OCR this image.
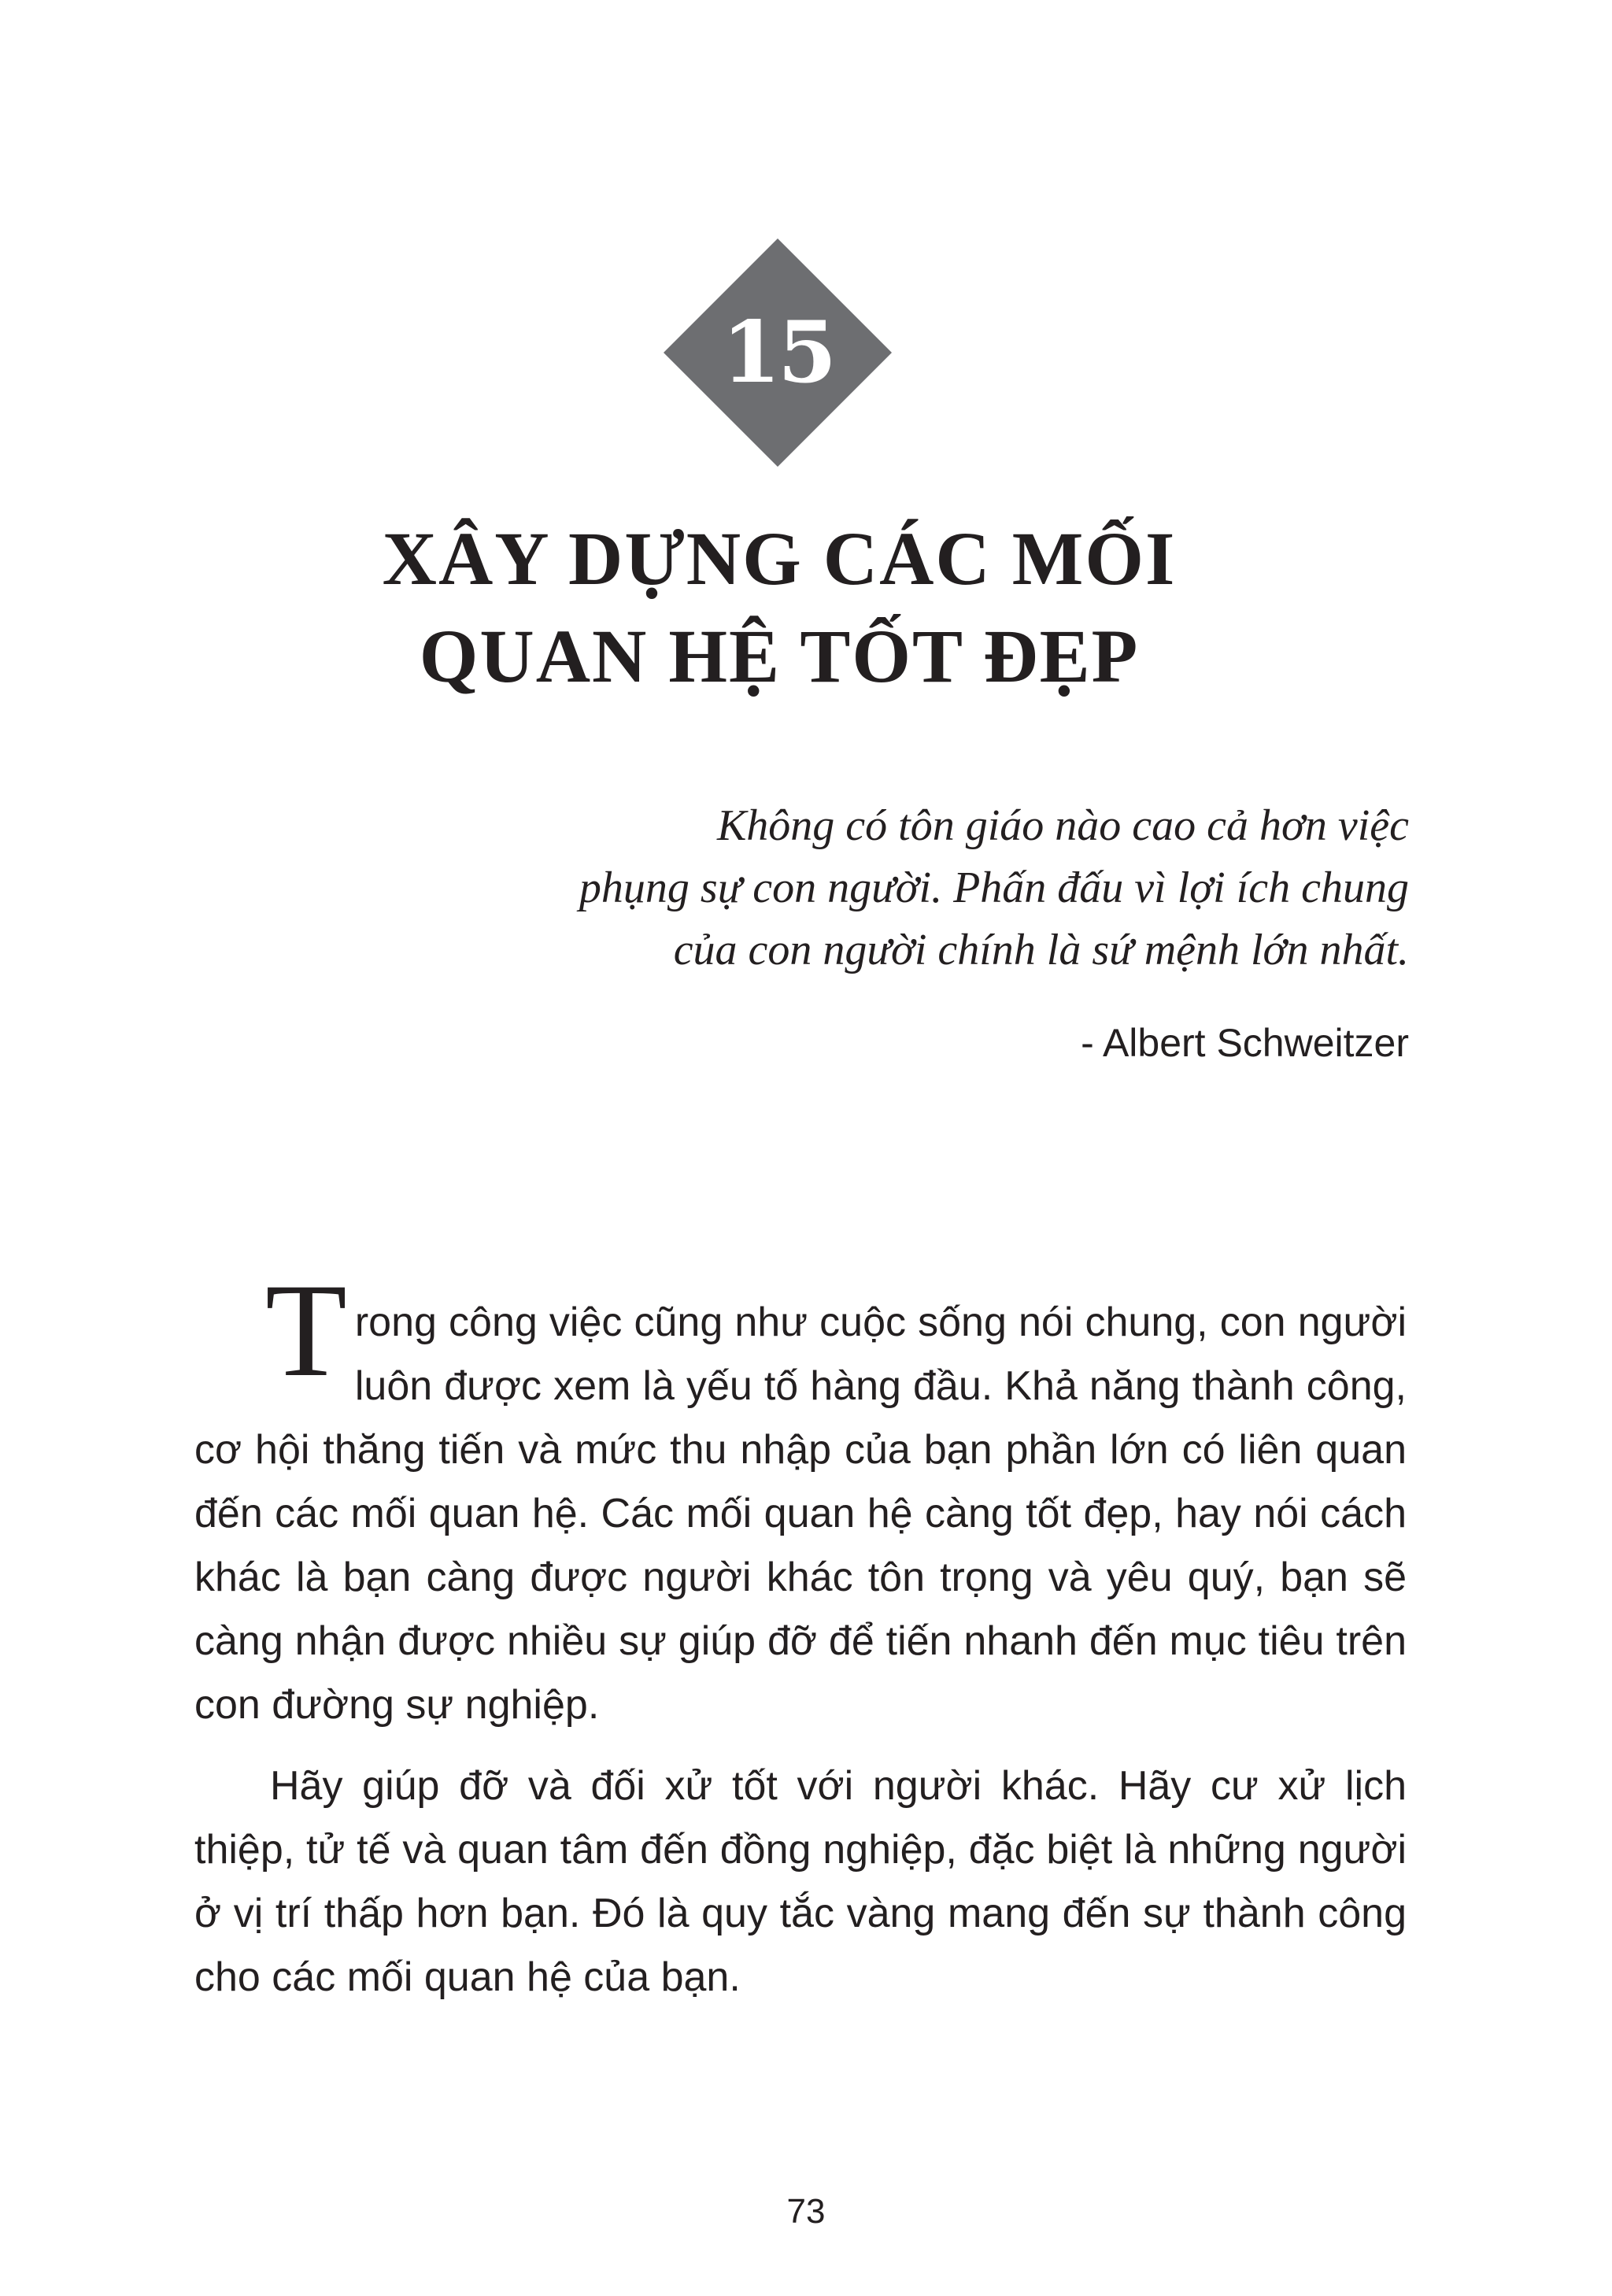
15
XÂY DỰNG CÁC MỐI
QUAN HỆ TỐT ĐẸP
Không có tôn giáo nào cao cả hơn việc
phụng sự con người. Phấn đấu vì lợi ích chung
của con người chính là sứ mệnh lớn nhất.
- Albert Schweitzer

Trong công việc cũng như cuộc sống nói chung, con người luôn được xem là yếu tố hàng đầu. Khả năng thành công, cơ hội thăng tiến và mức thu nhập của bạn phần lớn có liên quan đến các mối quan hệ. Các mối quan hệ càng tốt đẹp, hay nói cách khác là bạn càng được người khác tôn trọng và yêu quý, bạn sẽ càng nhận được nhiều sự giúp đỡ để tiến nhanh đến mục tiêu trên con đường sự nghiệp.

Hãy giúp đỡ và đối xử tốt với người khác. Hãy cư xử lịch thiệp, tử tế và quan tâm đến đồng nghiệp, đặc biệt là những người ở vị trí thấp hơn bạn. Đó là quy tắc vàng mang đến sự thành công cho các mối quan hệ của bạn.

73
